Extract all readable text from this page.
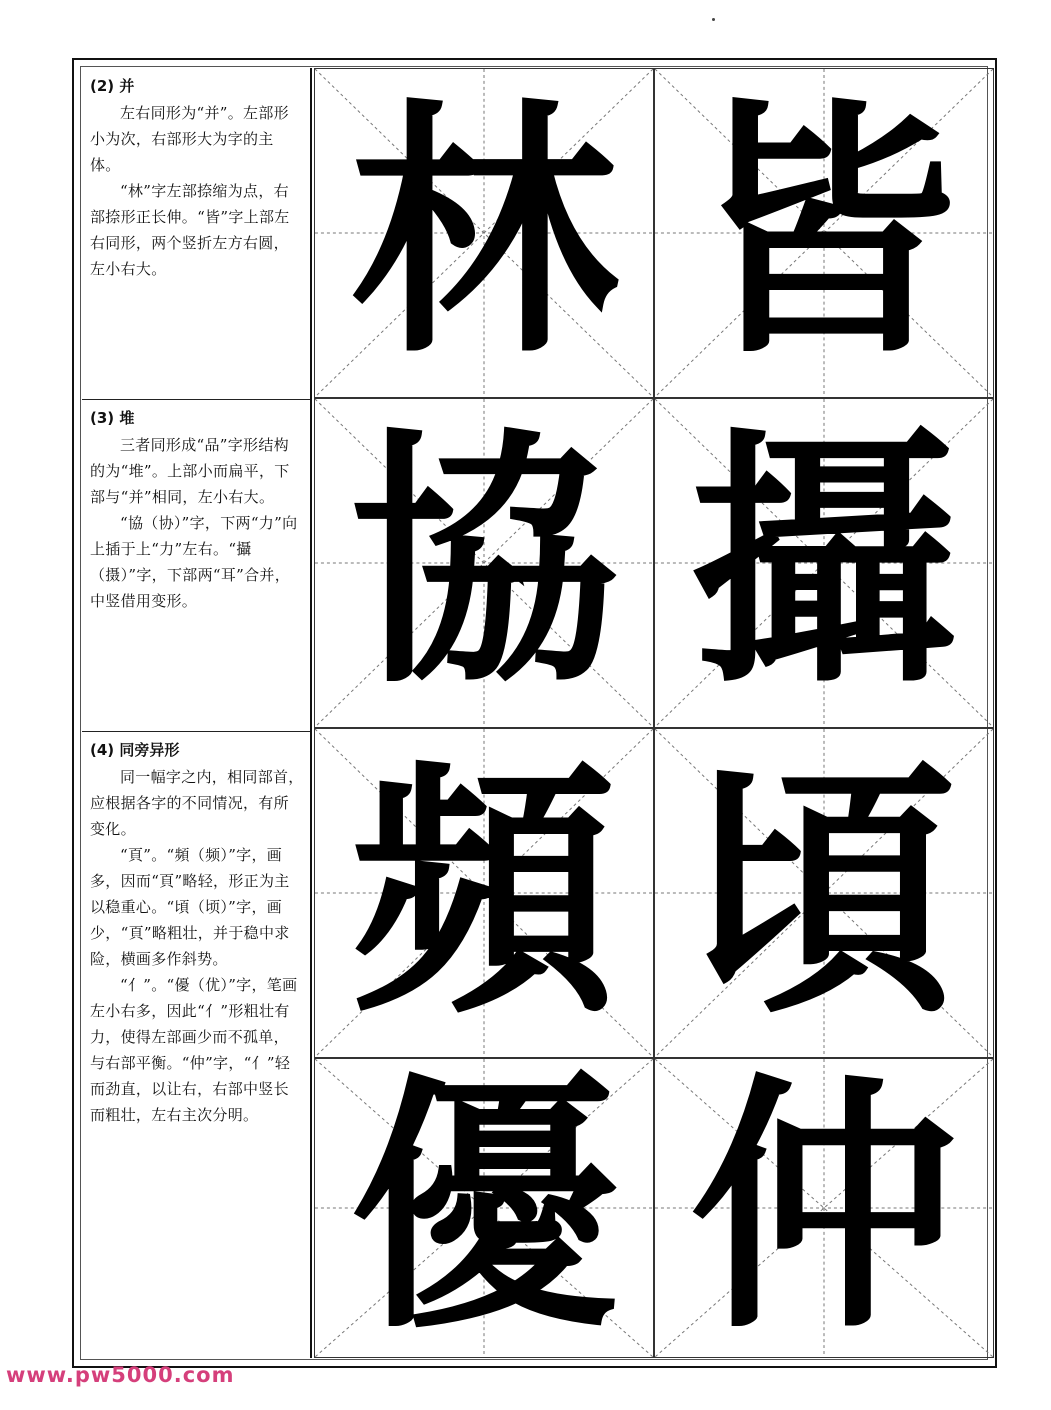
(2) 并

左右同形为“并”。左部形小为次，右部形大为字的主体。

“林”字左部捺缩为点，右部捺形正长伸。“皆”字上部左右同形，两个竖折左方右圆，左小右大。

(3) 堆

三者同形成“品”字形结构的为“堆”。上部小而扁平，下部与“并”相同，左小右大。

“協（协）”字，下两“力”向上插于上“力”左右。“攝（摄）”字，下部两“耳”合并，中竖借用变形。

(4) 同旁异形

同一幅字之内，相同部首，应根据各字的不同情况，有所变化。

“頁”。“頻（频）”字，画多，因而“頁”略轻，形正为主以稳重心。“頃（顷）”字，画少，“頁”略粗壮，并于稳中求险，横画多作斜势。

“亻”。“優（优）”字，笔画左小右多，因此“亻”形粗壮有力，使得左部画少而不孤单，与右部平衡。“仲”字，“亻”轻而劲直，以让右，右部中竖长而粗壮，左右主次分明。

林 皆
協 攝
頻 頃
優 仲
www.pw5000.com
